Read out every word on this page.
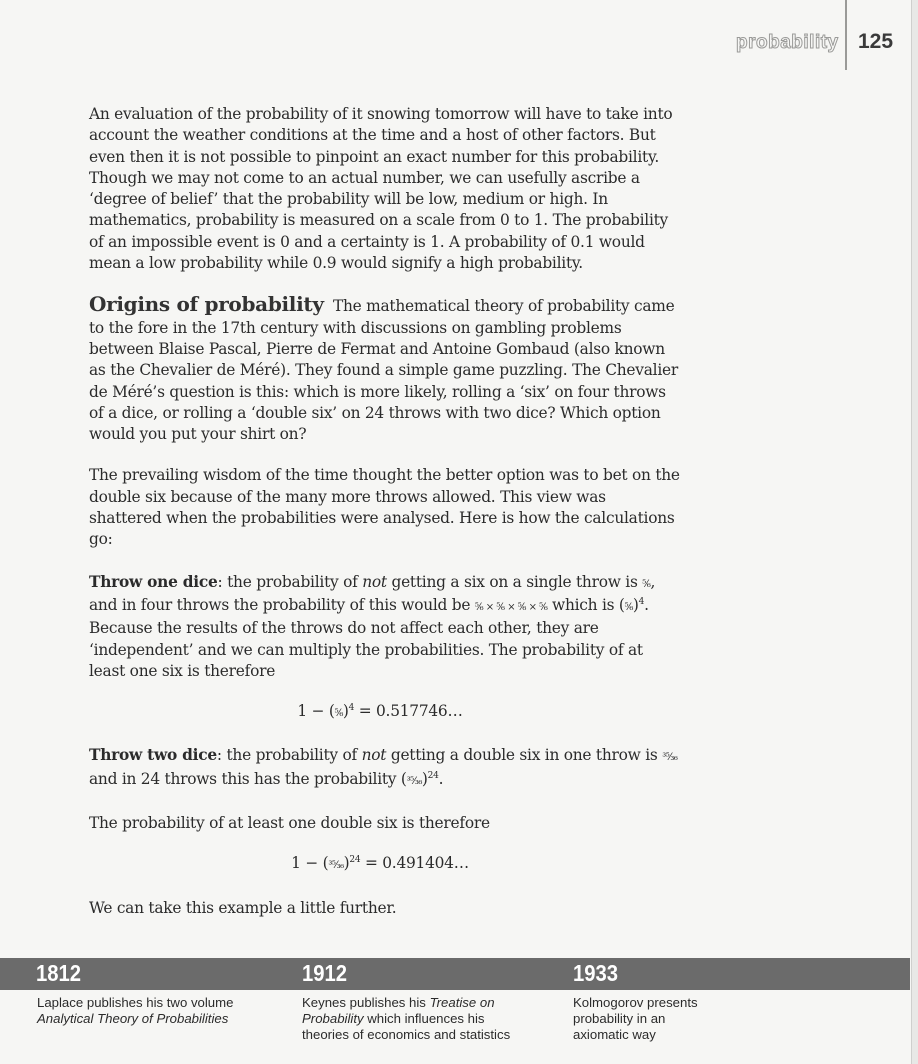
probability 125

An evaluation of the probability of it snowing tomorrow will have to take into account the weather conditions at the time and a host of other factors. But even then it is not possible to pinpoint an exact number for this probability. Though we may not come to an actual number, we can usefully ascribe a ‘degree of belief’ that the probability will be low, medium or high. In mathematics, probability is measured on a scale from 0 to 1. The probability of an impossible event is 0 and a certainty is 1. A probability of 0.1 would mean a low probability while 0.9 would signify a high probability.

Origins of probability The mathematical theory of probability came to the fore in the 17th century with discussions on gambling problems between Blaise Pascal, Pierre de Fermat and Antoine Gombaud (also known as the Chevalier de Méré). They found a simple game puzzling. The Chevalier de Méré’s question is this: which is more likely, rolling a ‘six’ on four throws of a dice, or rolling a ‘double six’ on 24 throws with two dice? Which option would you put your shirt on?

The prevailing wisdom of the time thought the better option was to bet on the double six because of the many more throws allowed. This view was shattered when the probabilities were analysed. Here is how the calculations go:

Throw one dice: the probability of not getting a six on a single throw is ⁵⁄₆, and in four throws the probability of this would be ⁵⁄₆ × ⁵⁄₆ × ⁵⁄₆ × ⁵⁄₆ which is (⁵⁄₆)$^4$. Because the results of the throws do not affect each other, they are ‘independent’ and we can multiply the probabilities. The probability of at least one six is therefore

1 − (⁵⁄₆)$^4$ = 0.517746…

Throw two dice: the probability of not getting a double six in one throw is ³⁵⁄₃₆ and in 24 throws this has the probability (³⁵⁄₃₆)$^{24}$.

The probability of at least one double six is therefore

1 − (³⁵⁄₃₆)$^{24}$ = 0.491404…

We can take this example a little further.

1812
Laplace publishes his two volume
Analytical Theory of Probabilities
1912
Keynes publishes his Treatise on
Probability which influences his
theories of economics and statistics
1933
Kolmogorov presents
probability in an
axiomatic way
